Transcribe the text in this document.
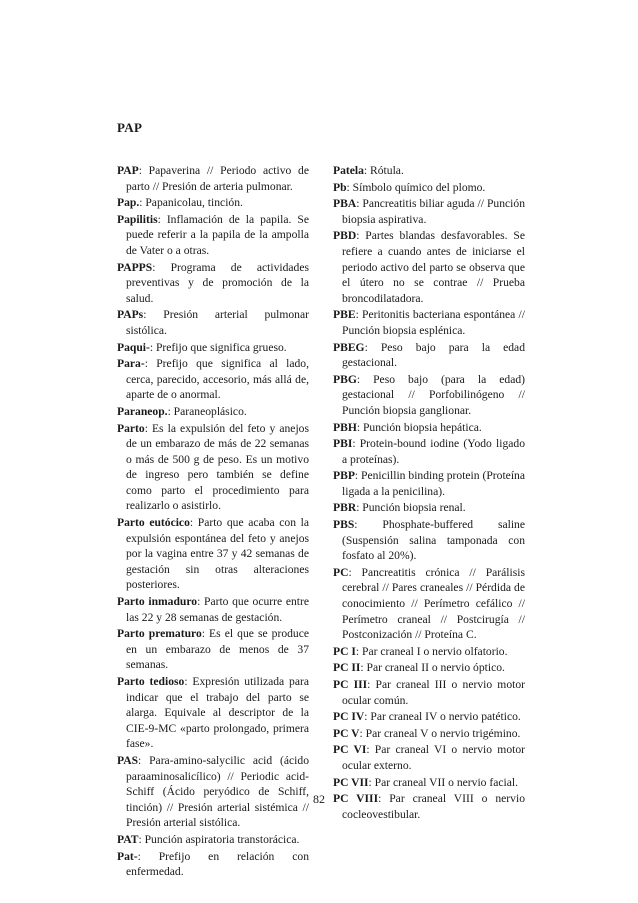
PAP

PAP: Papaverina // Periodo activo de parto // Presión de arteria pulmonar.

Pap.: Papanicolau, tinción.

Papilitis: Inflamación de la papila. Se puede referir a la papila de la ampolla de Vater o a otras.

PAPPS: Programa de actividades preventivas y de promoción de la salud.

PAPs: Presión arterial pulmonar sistólica.

Paqui-: Prefijo que significa grueso.

Para-: Prefijo que significa al lado, cerca, parecido, accesorio, más allá de, aparte de o anormal.

Paraneop.: Paraneoplásico.

Parto: Es la expulsión del feto y anejos de un embarazo de más de 22 semanas o más de 500 g de peso. Es un motivo de ingreso pero también se define como parto el procedimiento para realizarlo o asistirlo.

Parto eutócico: Parto que acaba con la expulsión espontánea del feto y anejos por la vagina entre 37 y 42 semanas de gestación sin otras alteraciones posteriores.

Parto inmaduro: Parto que ocurre entre las 22 y 28 semanas de gestación.

Parto prematuro: Es el que se produce en un embarazo de menos de 37 semanas.

Parto tedioso: Expresión utilizada para indicar que el trabajo del parto se alarga. Equivale al descriptor de la CIE-9-MC «parto prolongado, primera fase».

PAS: Para-amino-salycilic acid (ácido paraaminosalicílico) // Periodic acid-Schiff (Ácido peryódico de Schiff, tinción) // Presión arterial sistémica // Presión arterial sistólica.

PAT: Punción aspiratoria transtorácica.

Pat-: Prefijo en relación con enfermedad.

Patela: Rótula.

Pb: Símbolo químico del plomo.

PBA: Pancreatitis biliar aguda // Punción biopsia aspirativa.

PBD: Partes blandas desfavorables. Se refiere a cuando antes de iniciarse el periodo activo del parto se observa que el útero no se contrae // Prueba broncodilatadora.

PBE: Peritonitis bacteriana espontánea // Punción biopsia esplénica.

PBEG: Peso bajo para la edad gestacional.

PBG: Peso bajo (para la edad) gestacional // Porfobilinógeno // Punción biopsia ganglionar.

PBH: Punción biopsia hepática.

PBI: Protein-bound iodine (Yodo ligado a proteínas).

PBP: Penicillin binding protein (Proteína ligada a la penicilina).

PBR: Punción biopsia renal.

PBS: Phosphate-buffered saline (Suspensión salina tamponada con fosfato al 20%).

PC: Pancreatitis crónica // Parálisis cerebral // Pares craneales // Pérdida de conocimiento // Perímetro cefálico // Perímetro craneal // Postcirugía // Postconización // Proteína C.

PC I: Par craneal I o nervio olfatorio.

PC II: Par craneal II o nervio óptico.

PC III: Par craneal III o nervio motor ocular común.

PC IV: Par craneal IV o nervio patético.

PC V: Par craneal V o nervio trigémino.

PC VI: Par craneal VI o nervio motor ocular externo.

PC VII: Par craneal VII o nervio facial.

PC VIII: Par craneal VIII o nervio cocleovestibular.

82
